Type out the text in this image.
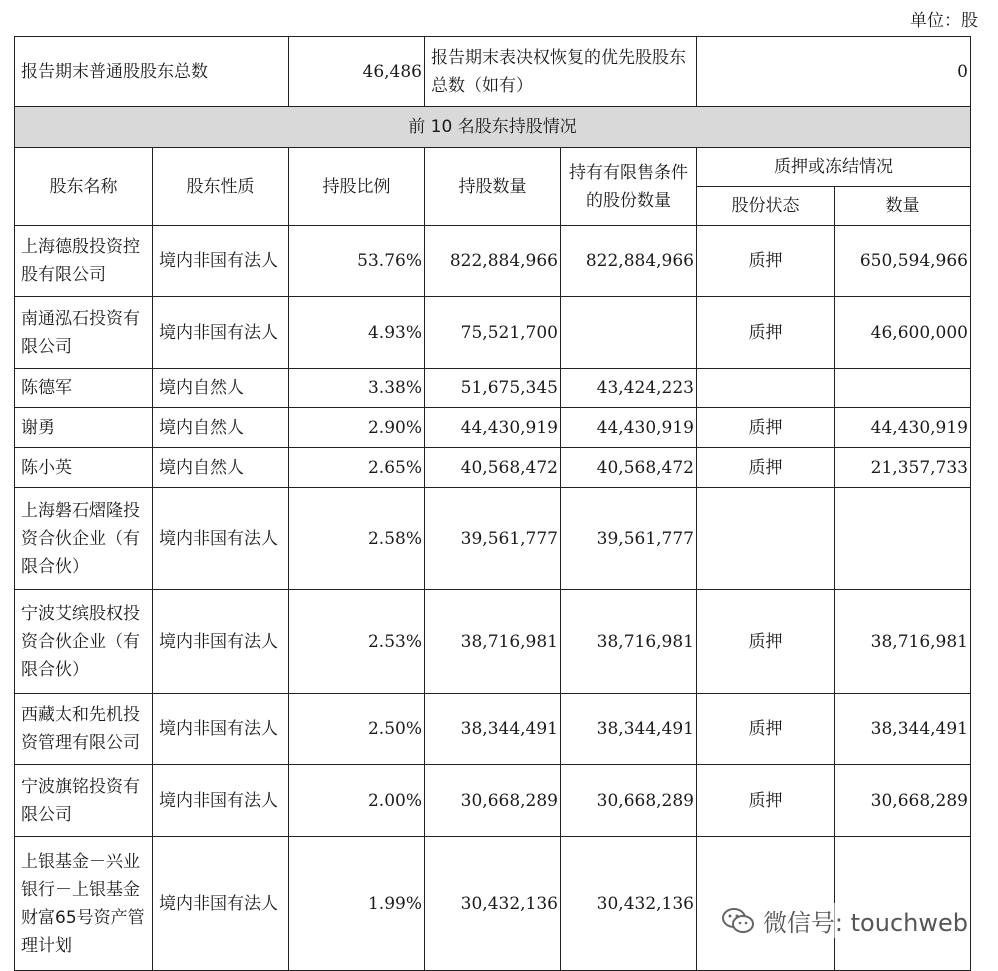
单位：股
报告期末普通股股东总数		46,486	报告期末表决权恢复的优先股股东总数（如有）		0	
前 10 名股东持股情况						
股东名称	股东性质	持股比例	持股数量	持有有限售条件的股份数量	质押或冻结情况	
					股份状态	数量
上海德殷投资控股有限公司	境内非国有法人	53.76%	822,884,966	822,884,966	质押	650,594,966
南通泓石投资有限公司	境内非国有法人	4.93%	75,521,700		质押	46,600,000
陈德军	境内自然人	3.38%	51,675,345	43,424,223		
谢勇	境内自然人	2.90%	44,430,919	44,430,919	质押	44,430,919
陈小英	境内自然人	2.65%	40,568,472	40,568,472	质押	21,357,733
上海磐石熠隆投资合伙企业（有限合伙）	境内非国有法人	2.58%	39,561,777	39,561,777		
宁波艾缤股权投资合伙企业（有限合伙）	境内非国有法人	2.53%	38,716,981	38,716,981	质押	38,716,981
西藏太和先机投资管理有限公司	境内非国有法人	2.50%	38,344,491	38,344,491	质押	38,344,491
宁波旗铭投资有限公司	境内非国有法人	2.00%	30,668,289	30,668,289	质押	30,668,289
上银基金－兴业银行－上银基金财富65号资产管理计划	境内非国有法人	1.99%	30,432,136	30,432,136		
微信号: touchweb
